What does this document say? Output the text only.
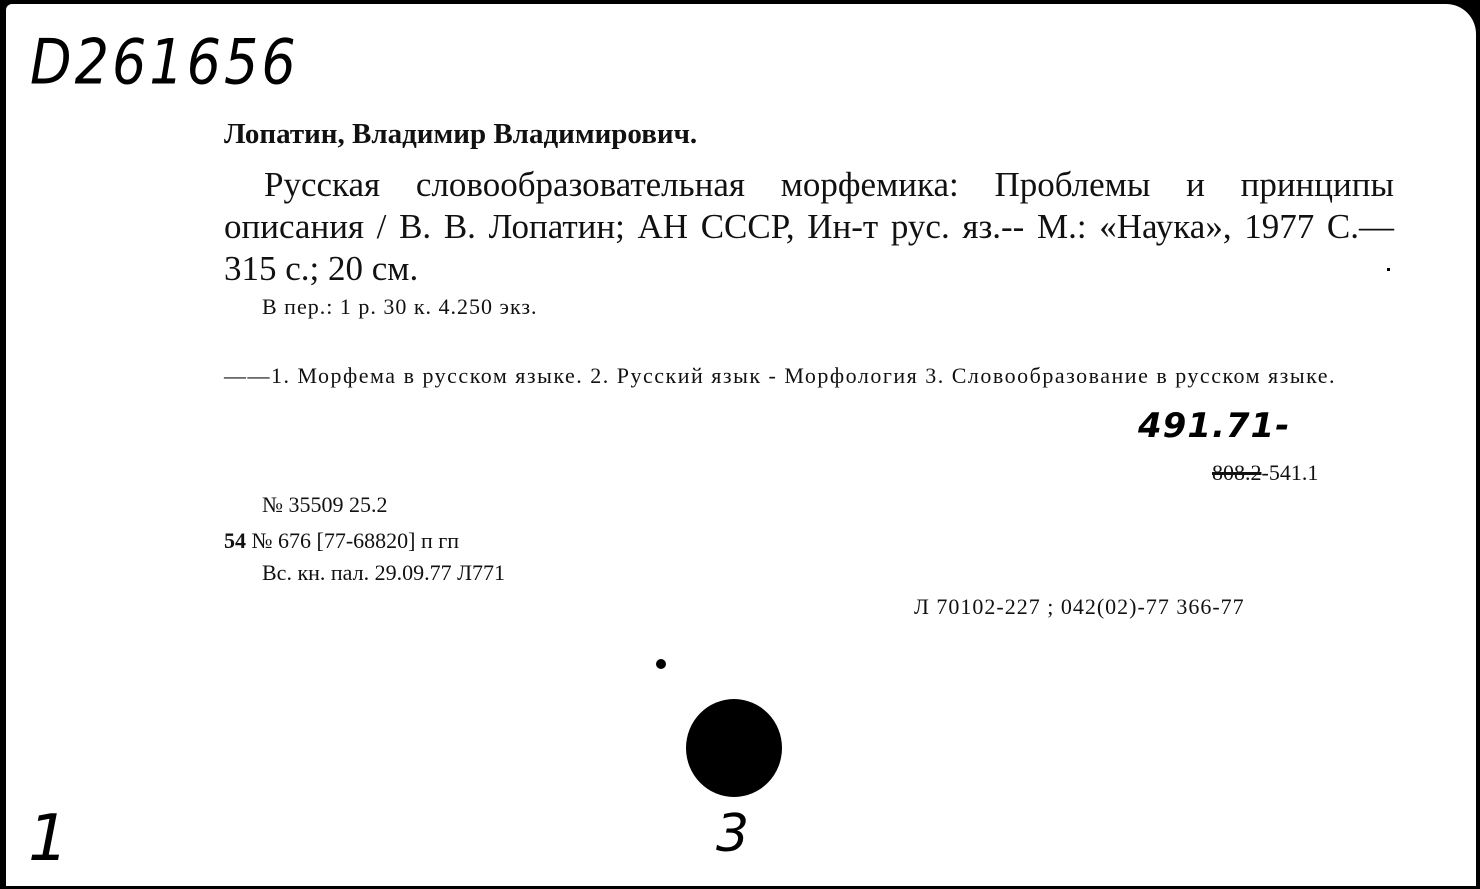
D261656
Лопатин, Владимир Владимирович.
Русская словообразовательная морфемика: Проблемы и принципы описания / В. В. Лопатин; АН СССР, Ин-т рус. яз.-- М.: «Наука», 1977 С.— 315 с.; 20 см.
В пер.: 1 р. 30 к. 4.250 экз.
——1. Морфема в русском языке. 2. Русский язык - Морфология 3. Словообразование в русском языке.
491.71-
808.2-541.1
№ 35509 25.2
54 № 676 [77-68820] п гп
Вс. кн. пал. 29.09.77 Л771
Л 70102-227 ; 042(02)-77 366-77
3
1
